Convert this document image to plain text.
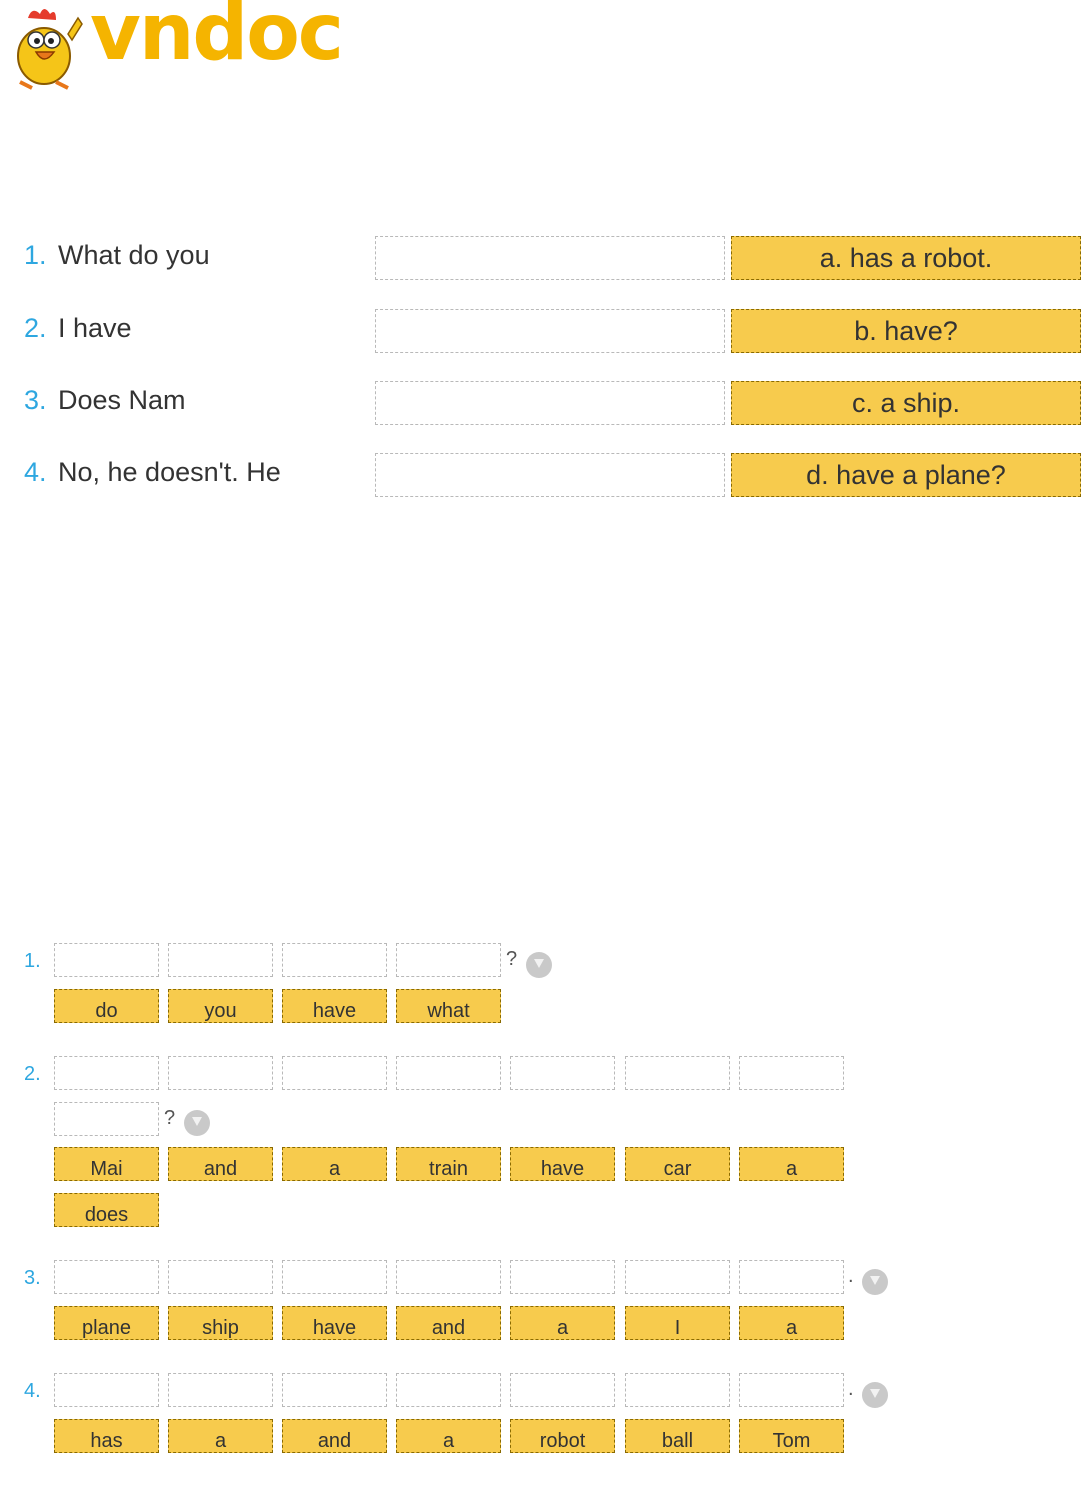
vndoc
1. What do you	a. has a robot.
2. I have	b. have?
3. Does Nam	c. a ship.
4. No, he doesn't. He	d. have a plane?
1.	?
do	you	have	what
2.
?
Mai	and	a	train	have	car	a
does
3.	.
plane	ship	have	and	a	I	a
4.	.
has	a	and	a	robot	ball	Tom
